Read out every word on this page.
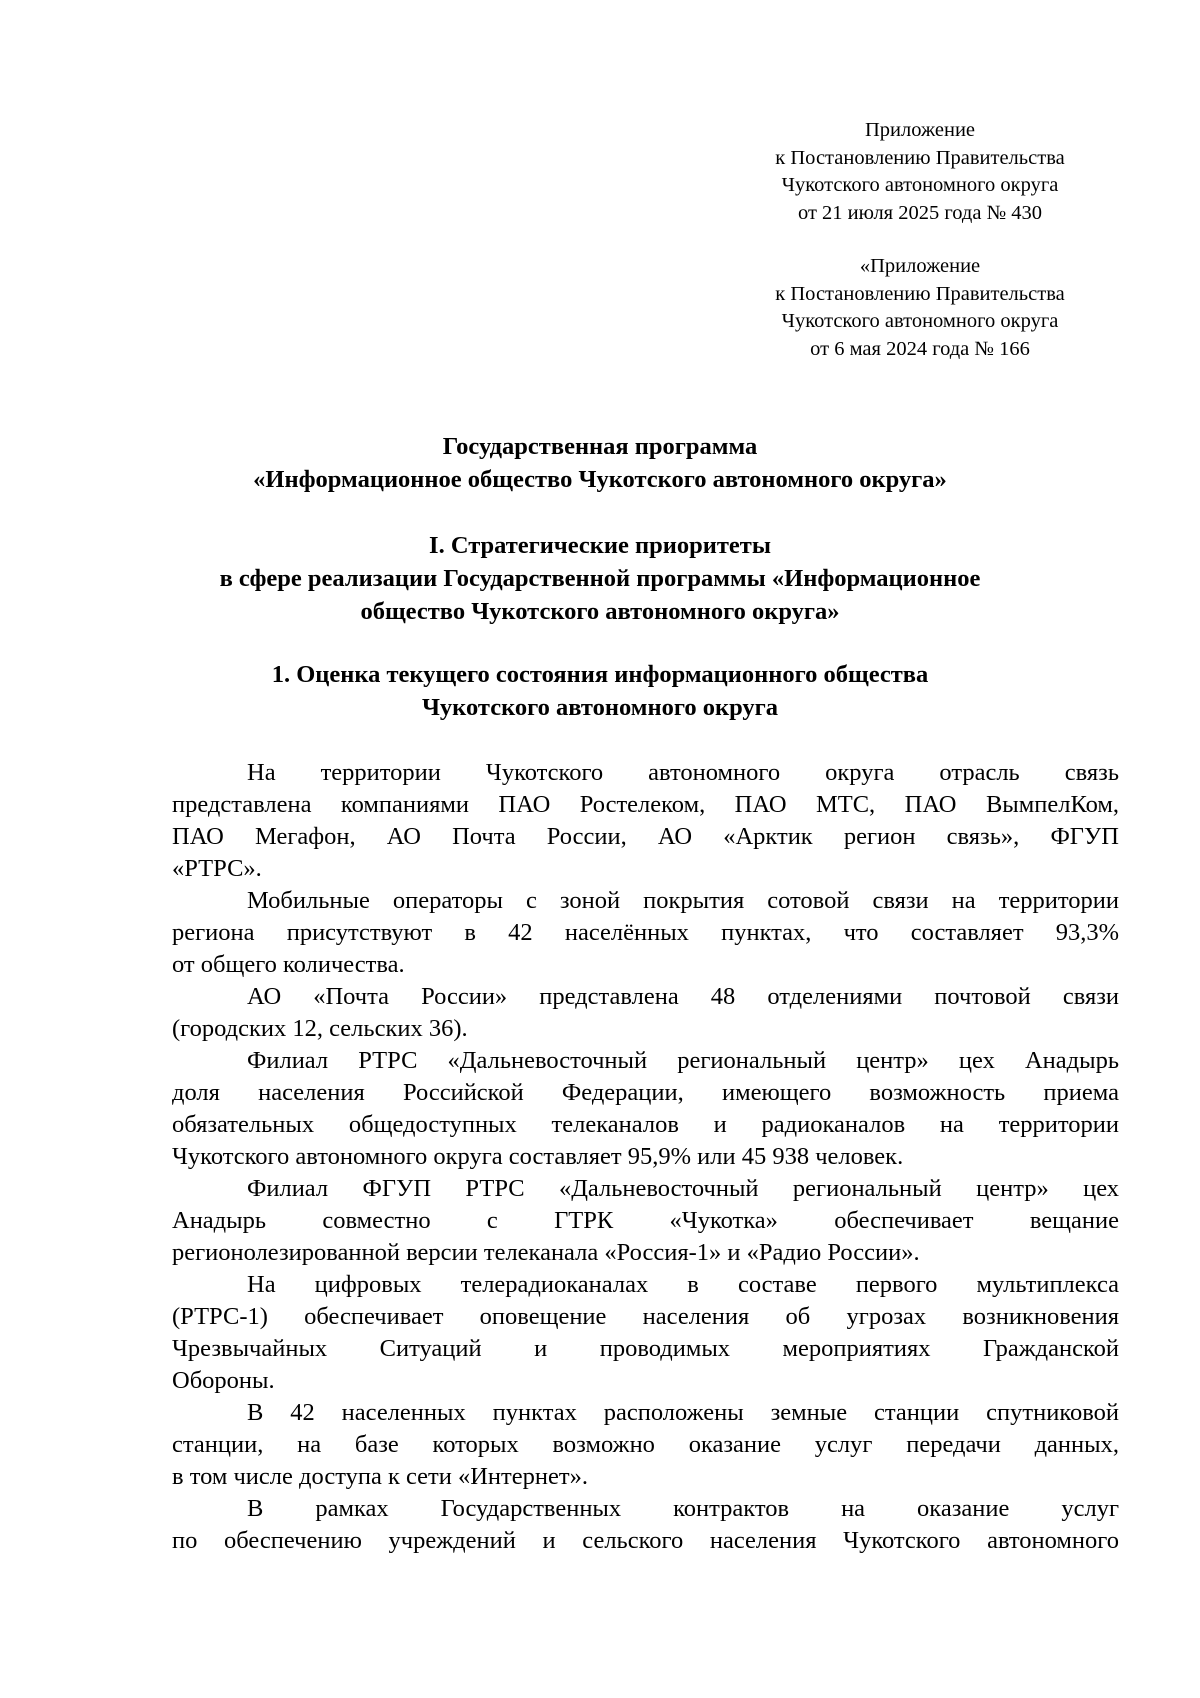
Приложение
к Постановлению Правительства
Чукотского автономного округа
от 21 июля 2025 года № 430
«Приложение
к Постановлению Правительства
Чукотского автономного округа
от 6 мая 2024 года № 166
Государственная программа
«Информационное общество Чукотского автономного округа»
I. Стратегические приоритеты
в сфере реализации Государственной программы «Информационное
общество Чукотского автономного округа»
1. Оценка текущего состояния информационного общества
Чукотского автономного округа
На территории Чукотского автономного округа отрасль связь
представлена компаниями ПАО Ростелеком, ПАО МТС, ПАО ВымпелКом,
ПАО Мегафон, АО Почта России, АО «Арктик регион связь», ФГУП
«РТРС».
Мобильные операторы с зоной покрытия сотовой связи на территории
региона присутствуют в 42 населённых пунктах, что составляет 93,3%
от общего количества.
АО «Почта России» представлена 48 отделениями почтовой связи
(городских 12, сельских 36).
Филиал РТРС «Дальневосточный региональный центр» цех Анадырь
доля населения Российской Федерации, имеющего возможность приема
обязательных общедоступных телеканалов и радиоканалов на территории
Чукотского автономного округа составляет 95,9% или 45 938 человек.
Филиал ФГУП РТРС «Дальневосточный региональный центр» цех
Анадырь совместно с ГТРК «Чукотка» обеспечивает вещание
регионолезированной версии телеканала «Россия-1» и «Радио России».
На цифровых телерадиоканалах в составе первого мультиплекса
(РТРС-1) обеспечивает оповещение населения об угрозах возникновения
Чрезвычайных Ситуаций и проводимых мероприятиях Гражданской
Обороны.
В 42 населенных пунктах расположены земные станции спутниковой
станции, на базе которых возможно оказание услуг передачи данных,
в том числе доступа к сети «Интернет».
В рамках Государственных контрактов на оказание услуг
по обеспечению учреждений и сельского населения Чукотского автономного
